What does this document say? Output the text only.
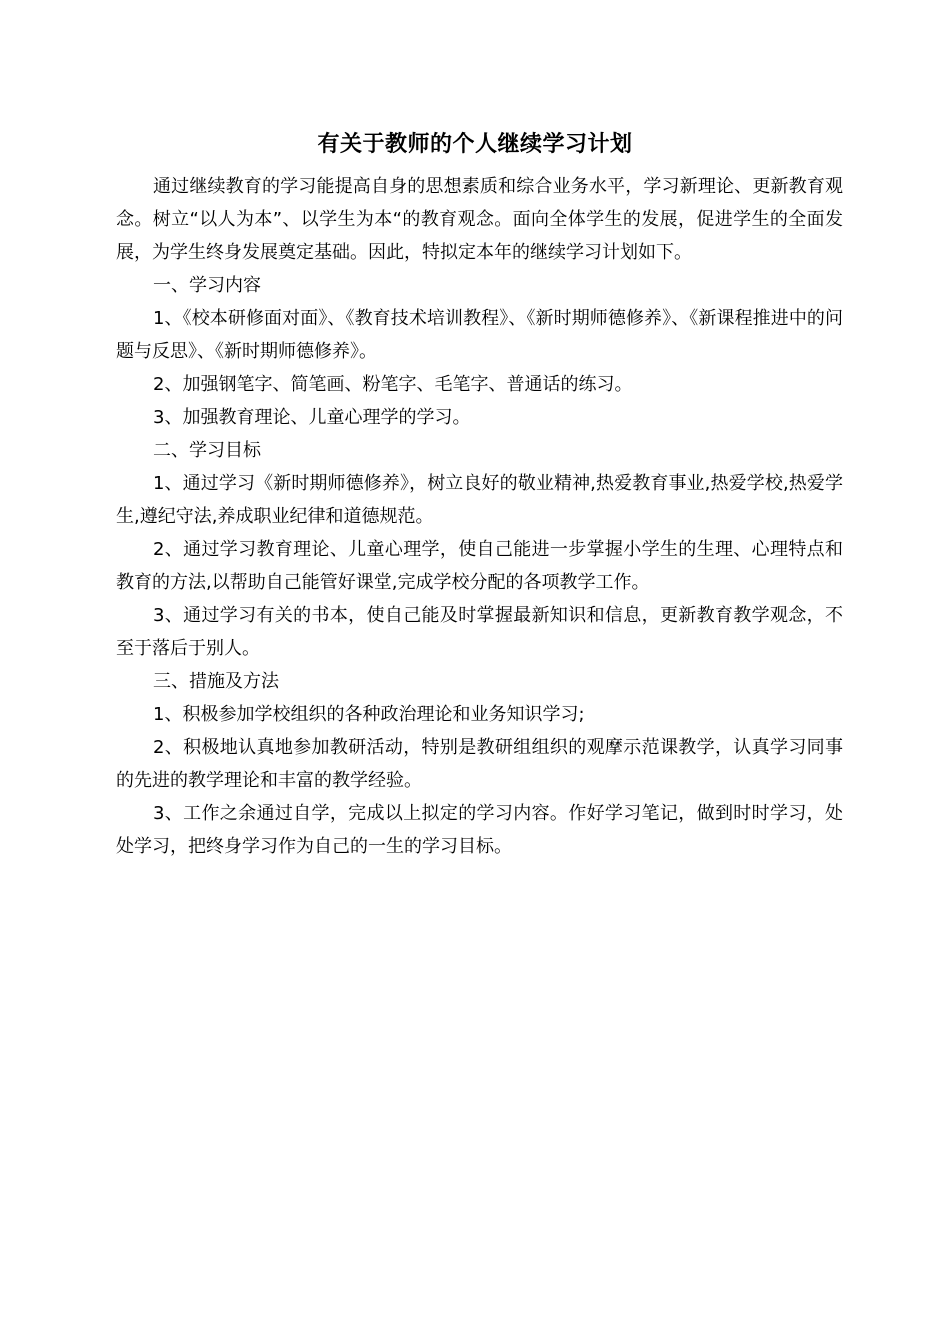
有关于教师的个人继续学习计划

通过继续教育的学习能提高自身的思想素质和综合业务水平，学习新理论、更新教育观念。树立“以人为本”、以学生为本“的教育观念。面向全体学生的发展，促进学生的全面发展，为学生终身发展奠定基础。因此，特拟定本年的继续学习计划如下。

一、学习内容

1、《校本研修面对面》、《教育技术培训教程》、《新时期师德修养》、《新课程推进中的问题与反思》、《新时期师德修养》。

2、加强钢笔字、简笔画、粉笔字、毛笔字、普通话的练习。

3、加强教育理论、儿童心理学的学习。

二、学习目标

1、通过学习《新时期师德修养》，树立良好的敬业精神,热爱教育事业,热爱学校,热爱学生,遵纪守法,养成职业纪律和道德规范。

2、通过学习教育理论、儿童心理学，使自己能进一步掌握小学生的生理、心理特点和教育的方法,以帮助自己能管好课堂,完成学校分配的各项教学工作。

3、通过学习有关的书本，使自己能及时掌握最新知识和信息，更新教育教学观念，不至于落后于别人。

三、措施及方法

1、积极参加学校组织的各种政治理论和业务知识学习;

2、积极地认真地参加教研活动，特别是教研组组织的观摩示范课教学，认真学习同事的先进的教学理论和丰富的教学经验。

3、工作之余通过自学，完成以上拟定的学习内容。作好学习笔记，做到时时学习，处处学习，把终身学习作为自己的一生的学习目标。
